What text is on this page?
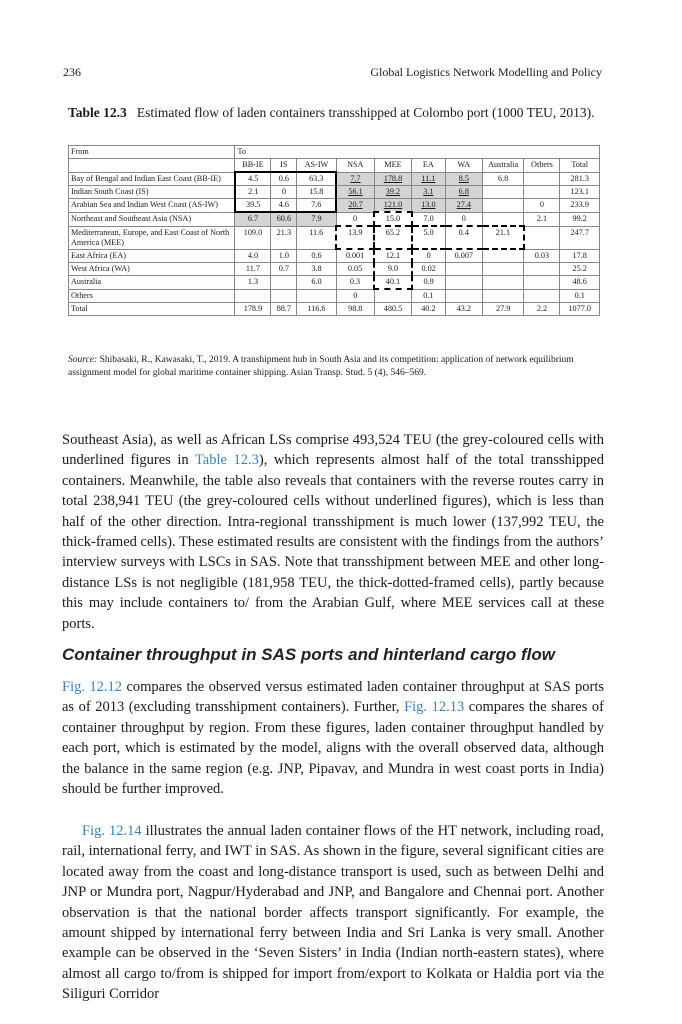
236	Global Logistics Network Modelling and Policy
Table 12.3 Estimated flow of laden containers transshipped at Colombo port (1000 TEU, 2013).
From	To									
	BB-IE	IS	AS-IW	NSA	MEE	EA	WA	Australia	Others	Total
Bay of Bengal and Indian East Coast (BB-IE)	4.5	0.6	63.3	7.7	178.8	11.1	8.5	6.8		281.3
Indian South Coast (IS)	2.1	0	15.8	56.1	39.2	3.1	6.8			123.1
Arabian Sea and Indian West Coast (AS-IW)	39.5	4.6	7.6	20.7	121.0	13.0	27.4		0	233.9
Northeast and Southeast Asia (NSA)	6.7	60.6	7.9	0	15.0	7.0	0		2.1	99.2
Mediterranean, Europe, and East Coast of North America (MEE)	109.0	21.3	11.6	13.9	65.2	5.0	0.4	21.1		247.7
East Africa (EA)	4.0	1.0	0.6	0.001	12.1	0	0.007		0.03	17.8
West Africa (WA)	11.7	0.7	3.8	0.05	9.0	0.02				25.2
Australia	1.3		6.0	0.3	40.1	0.9				48.6
Others				0		0.1				0.1
Total	178.9	88.7	116.6	98.8	480.5	40.2	43.2	27.9	2.2	1077.0
Source: Shibasaki, R., Kawasaki, T., 2019. A transhipment hub in South Asia and its competition: application of network equilibrium assignment model for global maritime container shipping. Asian Transp. Stud. 5 (4), 546–569.
Southeast Asia), as well as African LSs comprise 493,524 TEU (the grey-coloured cells with underlined figures in Table 12.3), which represents almost half of the total transshipped containers. Meanwhile, the table also reveals that containers with the reverse routes carry in total 238,941 TEU (the grey-coloured cells without underlined figures), which is less than half of the other direction. Intra-regional transshipment is much lower (137,992 TEU, the thick-framed cells). These estimated results are consistent with the findings from the authors’ interview surveys with LSCs in SAS. Note that transshipment between MEE and other long-distance LSs is not negligible (181,958 TEU, the thick-dotted-framed cells), partly because this may include containers to/ from the Arabian Gulf, where MEE services call at these ports.
Container throughput in SAS ports and hinterland cargo flow
Fig. 12.12 compares the observed versus estimated laden container throughput at SAS ports as of 2013 (excluding transshipment containers). Further, Fig. 12.13 compares the shares of container throughput by region. From these figures, laden container throughput handled by each port, which is estimated by the model, aligns with the overall observed data, although the balance in the same region (e.g. JNP, Pipavav, and Mundra in west coast ports in India) should be further improved.
Fig. 12.14 illustrates the annual laden container flows of the HT network, including road, rail, international ferry, and IWT in SAS. As shown in the figure, several significant cities are located away from the coast and long-distance transport is used, such as between Delhi and JNP or Mundra port, Nagpur/Hyderabad and JNP, and Bangalore and Chennai port. Another observation is that the national border affects transport significantly. For example, the amount shipped by international ferry between India and Sri Lanka is very small. Another example can be observed in the ‘Seven Sisters’ in India (Indian north-eastern states), where almost all cargo to/from is shipped for import from/export to Kolkata or Haldia port via the Siliguri Corridor
